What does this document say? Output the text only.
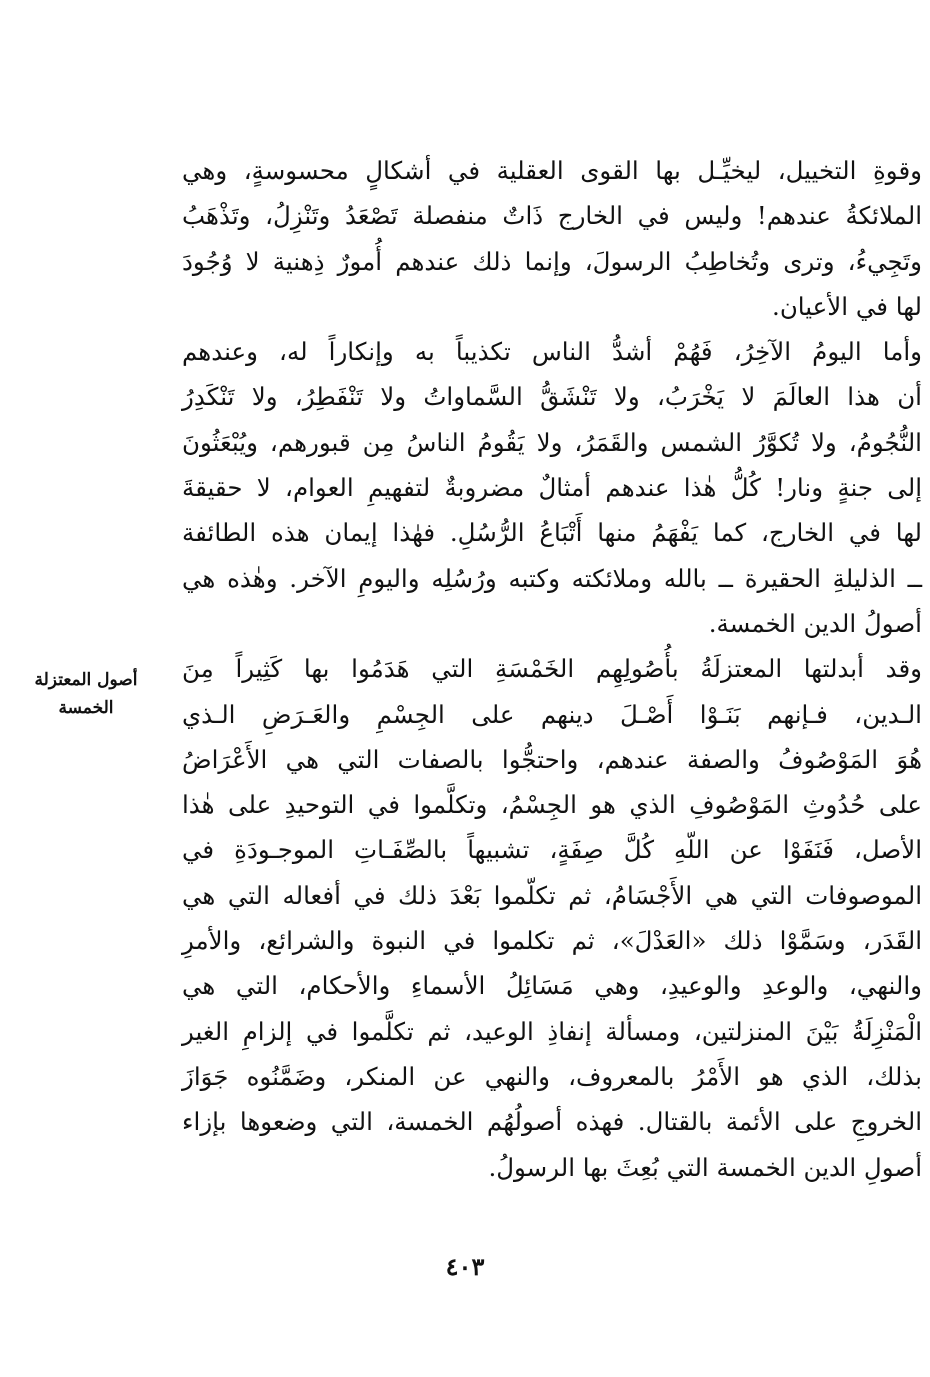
وقوةِ التخييل، ليخيِّـل بها القوى العقلية في أشكالٍ محسوسةٍ، وهي
الملائكةُ عندهم! وليس في الخارج ذَاتٌ منفصلة تَصْعَدُ وتَنْزِلُ، وتَذْهَبُ
وتَجِيءُ، وترى وتُخاطِبُ الرسولَ، وإنما ذلك عندهم أُمورٌ ذِهنية لا وُجُودَ
لها في الأعيان.

وأما اليومُ الآخِرُ، فَهُمْ أشدُّ الناس تكذيباً به وإنكاراً له، وعندهم
أن هذا العالَمَ لا يَخْرَبُ، ولا تَنْشَقُّ السَّماواتُ ولا تَنْفَطِرُ، ولا تَنْكَدِرُ
النُّجُومُ، ولا تُكوَّرُ الشمس والقَمَرُ، ولا يَقُومُ الناسُ مِن قبورهم، ويُبْعَثُونَ
إلى جنةٍ ونار! كُلُّ هٰذا عندهم أمثالٌ مضروبةٌ لتفهيمِ العوام، لا حقيقةَ
لها في الخارج، كما يَفْهَمُ منها أَتْبَاعُ الرُّسُلِ. فهٰذا إيمان هذه الطائفة
ــ الذليلةِ الحقيرة ــ بالله وملائكته وكتبه ورُسُلِه واليومِ الآخر. وهٰذه هي
أصولُ الدين الخمسة.

وقد أبدلتها المعتزلَةُ بأُصُولِهِم الخَمْسَةِ التي هَدَمُوا بها كَثِيراً مِنَ
الـدين، فـإنهم بَنَـوْا أَصْـلَ دينهم على الجِسْمِ والعَـرَضِ الـذي
هُوَ المَوْصُوفُ والصفة عندهم، واحتجُّوا بالصفات التي هي الأَعْرَاضُ
على حُدُوثِ المَوْصُوفِ الذي هو الجِسْمُ، وتكلَّموا في التوحيدِ على هٰذا
الأصل، فَنَفَوْا عن اللّهِ كُلَّ صِفَةٍ، تشبيهاً بالصِّفَـاتِ الموجـودَةِ في
الموصوفات التي هي الأَجْسَامُ، ثم تكلّموا بَعْدَ ذلك في أفعاله التي هي
القَدَر، وسَمَّوْا ذلك «العَدْلَ»، ثم تكلموا في النبوة والشرائع، والأمرِ
والنهي، والوعدِ والوعيدِ، وهي مَسَائِلُ الأسماءِ والأحكام، التي هي
الْمَنْزِلَةُ بَيْنَ المنزلتين، ومسألة إنفاذِ الوعيد، ثم تكلَّموا في إلزامِ الغير
بذلك، الذي هو الأَمْرُ بالمعروف، والنهي عن المنكر، وضَمَّنُوه جَوَازَ
الخروجِ على الأئمة بالقتال. فهذه أصولُهُم الخمسة، التي وضعوها بإزاء
أصولِ الدين الخمسة التي بُعِثَ بها الرسولُ.

أصول المعتزلة
الخمسة
٤٠٣
